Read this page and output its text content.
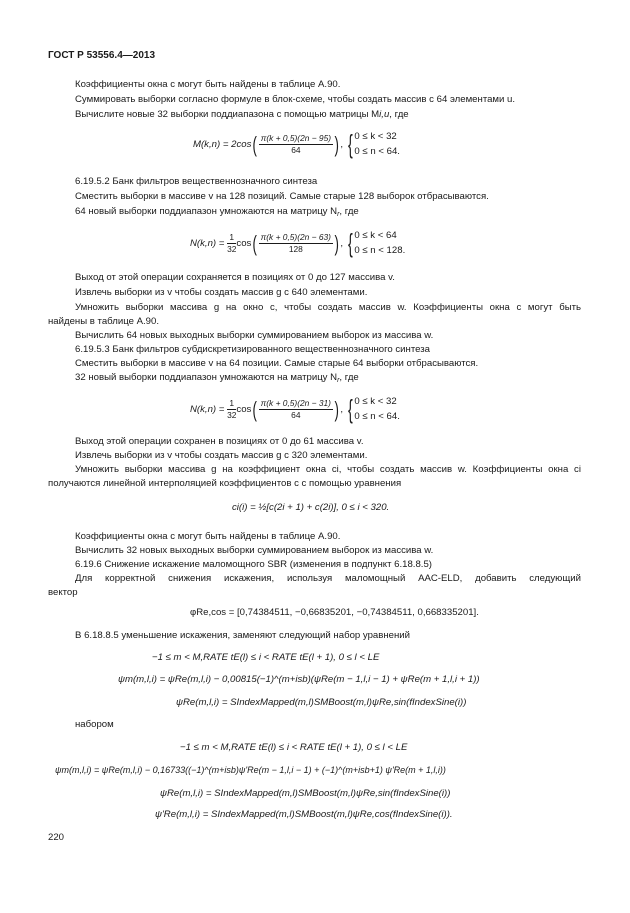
ГОСТ Р 53556.4—2013
Коэффициенты окна c могут быть найдены в таблице А.90.
Суммировать выборки согласно формуле в блок-схеме, чтобы создать массив с 64 элементами u.
Вычислите новые 32 выборки поддиапазона с помощью матрицы Mi,u, где
$M(k,n) = 2\cos( \frac{\pi(k + 0,5)(2n - 95)}{64}$ ), { 0 ≤ k < 32
0 ≤ n < 64.
6.19.5.2 Банк фильтров вещественнозначного синтеза
Сместить выборки в массиве v на 128 позиций. Самые старые 128 выборок отбрасываются.
64 новый выборки поддиапазон умножаются на матрицу $N_r$, где
$N(k,n) = \frac{1}{32} \cos( \frac{\pi(k + 0,5)(2n - 63)}{128}$ ), { 0 ≤ k < 64
0 ≤ n < 128.
Выход от этой операции сохраняется в позициях от 0 до 127 массива v.
Извлечь выборки из v чтобы создать массив g с 640 элементами.
Умножить выборки массива g на окно c, чтобы создать массив w. Коэффициенты окна c могут быть
найдены в таблице А.90.
Вычислить 64 новых выходных выборки суммированием выборок из массива w.
6.19.5.3 Банк фильтров субдискретизированного вещественнозначного синтеза
Сместить выборки в массиве v на 64 позиции. Самые старые 64 выборки отбрасываются.
32 новый выборки поддиапазон умножаются на матрицу $N_r$, где
$N(k,n) = \frac{1}{32} \cos( \frac{\pi(k + 0,5)(2n - 31)}{64}$ ), { 0 ≤ k < 32
0 ≤ n < 64.
Выход этой операции сохранен в позициях от 0 до 61 массива v.
Извлечь выборки из v чтобы создать массив g с 320 элементами.
Умножить выборки массива g на коэффициент окна ci, чтобы создать массив w. Коэффициенты окна ci
получаются линейной интерполяцией коэффициентов c с помощью уравнения
ci(i) = ½[c(2i + 1) + c(2i)], 0 ≤ i < 320.
Коэффициенты окна c могут быть найдены в таблице А.90.
Вычислить 32 новых выходных выборки суммированием выборок из массива w.
6.19.6 Снижение искажение маломощного SBR (изменения в подпункт 6.18.8.5)
Для корректной снижения искажения, используя маломощный AAC-ELD, добавить следующий
вектор
φRe,cos = [0,74384511, −0,66835201, −0,74384511, 0,668335201].
В 6.18.8.5 уменьшение искажения, заменяют следующий набор уравнений
−1 ≤ m < M,RATE tE(l) ≤ i < RATE tE(l + 1), 0 ≤ l < LE
ψm(m,l,i) = ψRe(m,l,i) − 0,00815(−1)^(m+isb)(ψRe(m − 1,l,i − 1) + ψRe(m + 1,l,i + 1))
ψRe(m,l,i) = SIndexMapped(m,l)SMBoost(m,l)ψRe,sin(fIndexSine(i))
набором
−1 ≤ m < M,RATE tE(l) ≤ i < RATE tE(l + 1), 0 ≤ l < LE
ψm(m,l,i) = ψRe(m,l,i) − 0,16733((−1)^(m+isb)ψ'Re(m − 1,l,i − 1) + (−1)^(m+isb+1) ψ'Re(m + 1,l,i))
ψRe(m,l,i) = SIndexMapped(m,l)SMBoost(m,l)ψRe,sin(fIndexSine(i))
ψ'Re(m,l,i) = SIndexMapped(m,l)SMBoost(m,l)ψRe,cos(fIndexSine(i)).
220
